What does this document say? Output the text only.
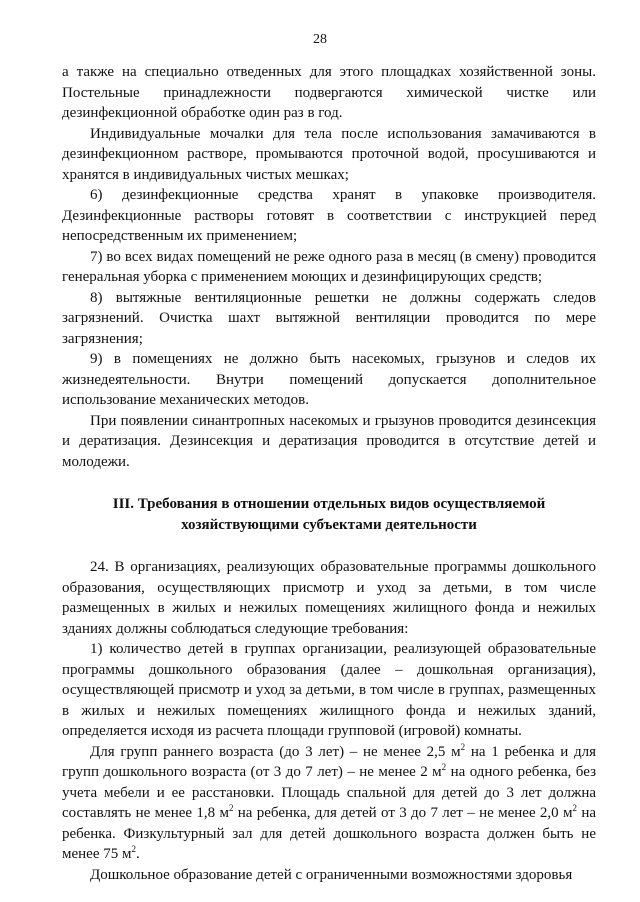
28

а также на специально отведенных для этого площадках хозяйственной зоны. Постельные принадлежности подвергаются химической чистке или дезинфекционной обработке один раз в год.

Индивидуальные мочалки для тела после использования замачиваются в дезинфекционном растворе, промываются проточной водой, просушиваются и хранятся в индивидуальных чистых мешках;

6) дезинфекционные средства хранят в упаковке производителя. Дезинфекционные растворы готовят в соответствии с инструкцией перед непосредственным их применением;

7) во всех видах помещений не реже одного раза в месяц (в смену) проводится генеральная уборка с применением моющих и дезинфицирующих средств;

8) вытяжные вентиляционные решетки не должны содержать следов загрязнений. Очистка шахт вытяжной вентиляции проводится по мере загрязнения;

9) в помещениях не должно быть насекомых, грызунов и следов их жизнедеятельности. Внутри помещений допускается дополнительное использование механических методов.

При появлении синантропных насекомых и грызунов проводится дезинсекция и дератизация. Дезинсекция и дератизация проводится в отсутствие детей и молодежи.

III. Требования в отношении отдельных видов осуществляемой
хозяйствующими субъектами деятельности

24. В организациях, реализующих образовательные программы дошкольного образования, осуществляющих присмотр и уход за детьми, в том числе размещенных в жилых и нежилых помещениях жилищного фонда и нежилых зданиях должны соблюдаться следующие требования:

1) количество детей в группах организации, реализующей образовательные программы дошкольного образования (далее – дошкольная организация), осуществляющей присмотр и уход за детьми, в том числе в группах, размещенных в жилых и нежилых помещениях жилищного фонда и нежилых зданий, определяется исходя из расчета площади групповой (игровой) комнаты.

Для групп раннего возраста (до 3 лет) – не менее 2,5 $м^2$ на 1 ребенка и для групп дошкольного возраста (от 3 до 7 лет) – не менее 2 $м^2$ на одного ребенка, без учета мебели и ее расстановки. Площадь спальной для детей до 3 лет должна составлять не менее 1,8 $м^2$ на ребенка, для детей от 3 до 7 лет – не менее 2,0 $м^2$ на ребенка. Физкультурный зал для детей дошкольного возраста должен быть не менее 75 $м^2$.

Дошкольное образование детей с ограниченными возможностями здоровья
